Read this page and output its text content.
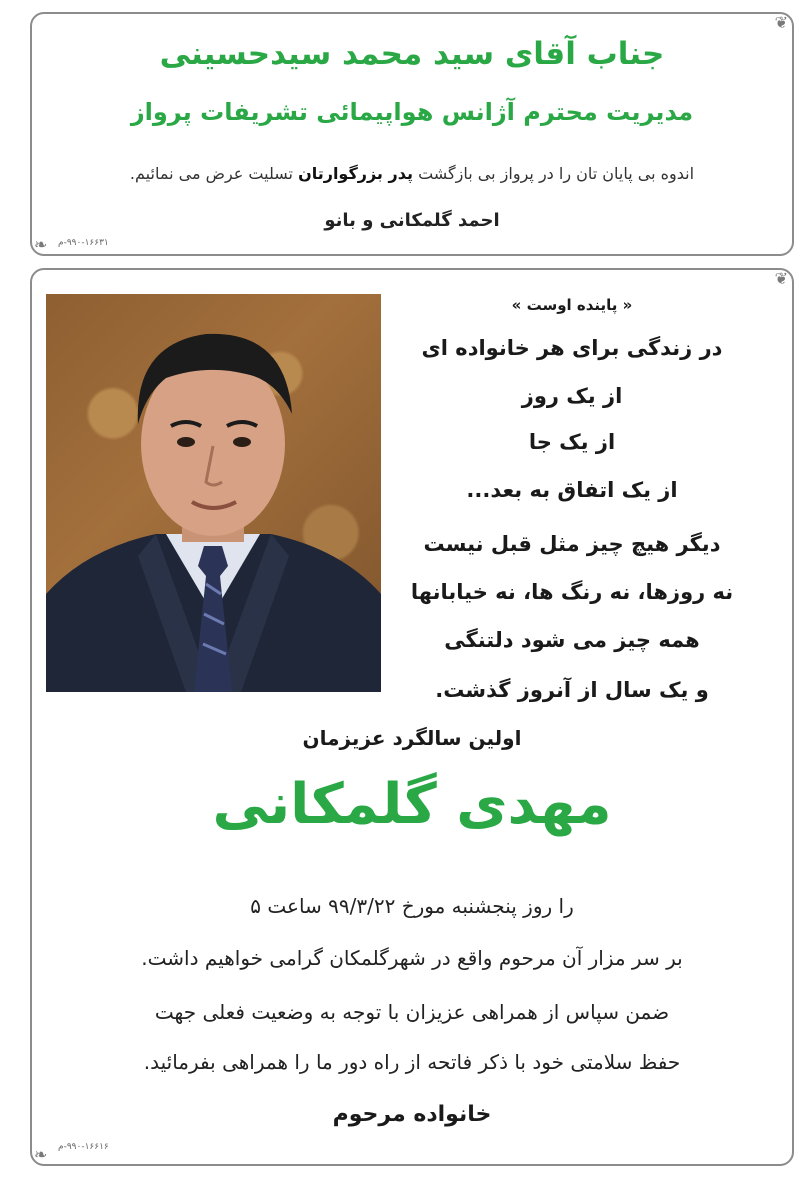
❦
جناب آقای سید محمد سیدحسینی
مدیریت محترم آژانس هواپیمائی تشریفات پرواز
اندوه بی پایان تان را در پرواز بی بازگشت پدر بزرگوارتان تسلیت عرض می نمائیم.
احمد گلمکانی و بانو
❧ ۹۹۰-۱۶۶۳۱-م
❦
« پاینده اوست »
در زندگی برای هر خانواده ای
از یک روز
از یک جا
از یک اتفاق به بعد...
دیگر هیچ چیز مثل قبل نیست
نه روزها، نه رنگ ها، نه خیابانها
همه چیز می شود دلتنگی
و یک سال از آنروز گذشت.
اولین سالگرد عزیزمان
مهدی گلمکانی
را روز پنجشنبه مورخ ۹۹/۳/۲۲ ساعت ۵
بر سر مزار آن مرحوم واقع در شهرگلمکان گرامی خواهیم داشت.
ضمن سپاس از همراهی عزیزان با توجه به وضعیت فعلی جهت
حفظ سلامتی خود با ذکر فاتحه از راه دور ما را همراهی بفرمائید.
خانواده مرحوم
❧ ۹۹۰-۱۶۶۱۶-م
